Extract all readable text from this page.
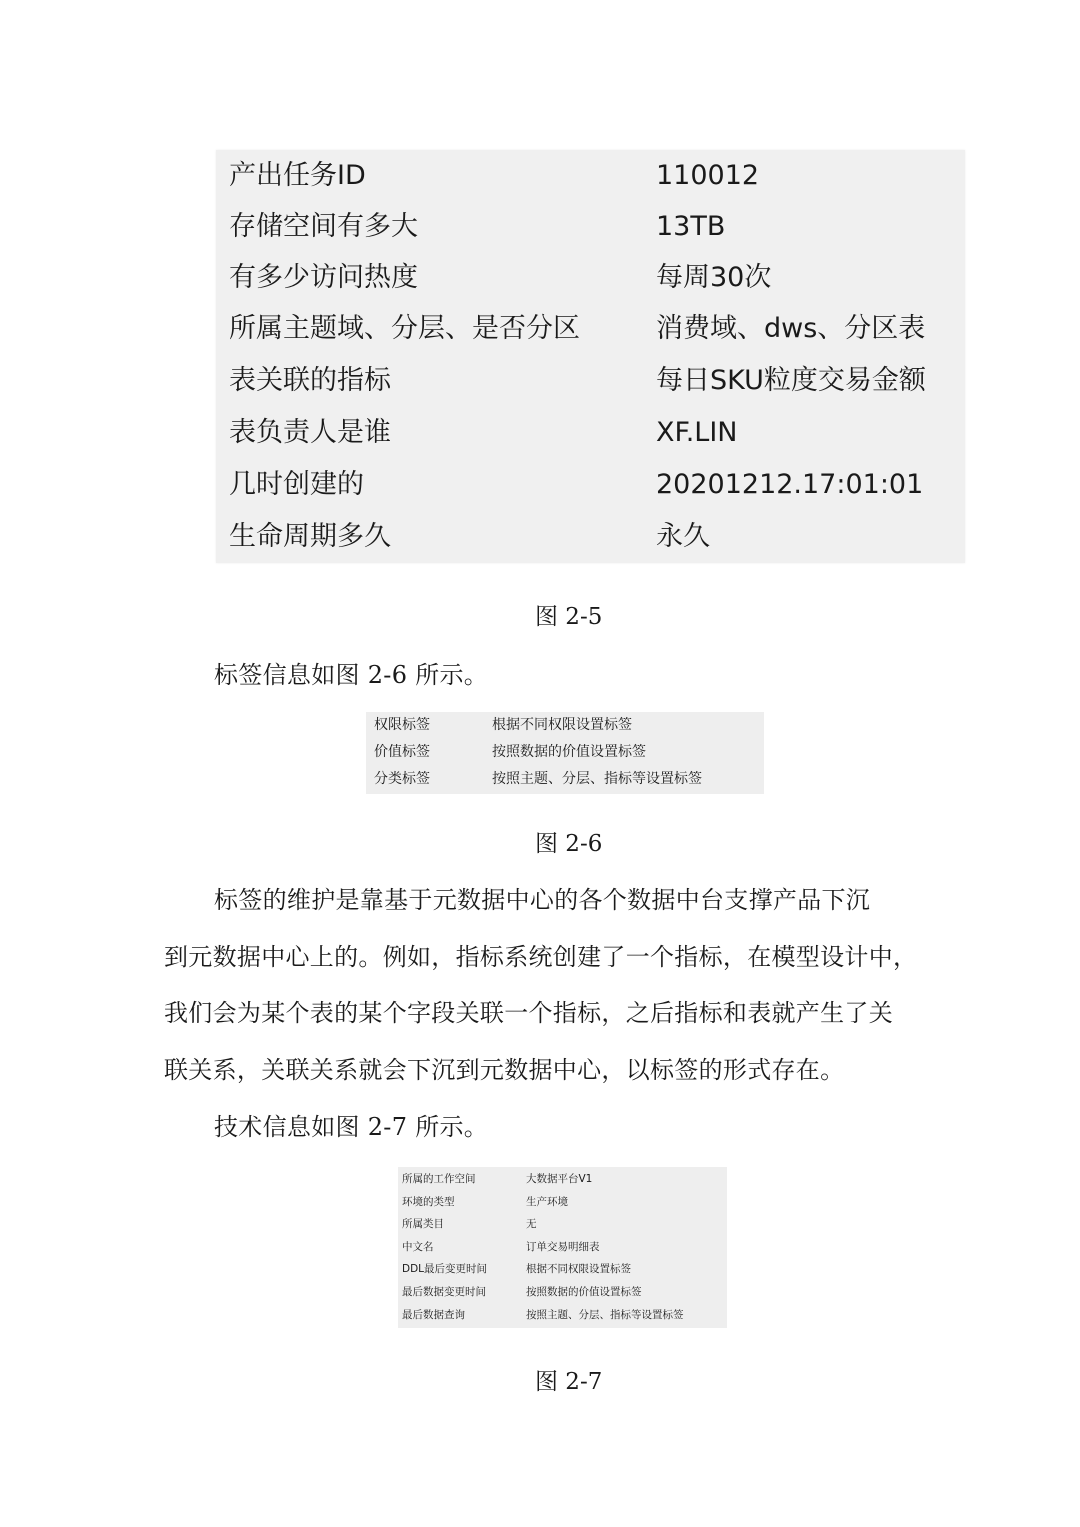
产出任务ID	110012
存储空间有多大	13TB
有多少访问热度	每周30次
所属主题域、分层、是否分区	消费域、dws、分区表
表关联的指标	每日SKU粒度交易金额
表负责人是谁	XF.LIN
几时创建的	20201212.17:01:01
生命周期多久	永久
图 2-5
标签信息如图 2-6 所示。
权限标签	根据不同权限设置标签
价值标签	按照数据的价值设置标签
分类标签	按照主题、分层、指标等设置标签
图 2-6
标签的维护是靠基于元数据中心的各个数据中台支撑产品下沉
到元数据中心上的。例如，指标系统创建了一个指标，在模型设计中，
我们会为某个表的某个字段关联一个指标，之后指标和表就产生了关
联关系，关联关系就会下沉到元数据中心，以标签的形式存在。
技术信息如图 2-7 所示。
所属的工作空间	大数据平台V1
环境的类型	生产环境
所属类目	无
中文名	订单交易明细表
DDL最后变更时间	根据不同权限设置标签
最后数据变更时间	按照数据的价值设置标签
最后数据查询	按照主题、分层、指标等设置标签
图 2-7
